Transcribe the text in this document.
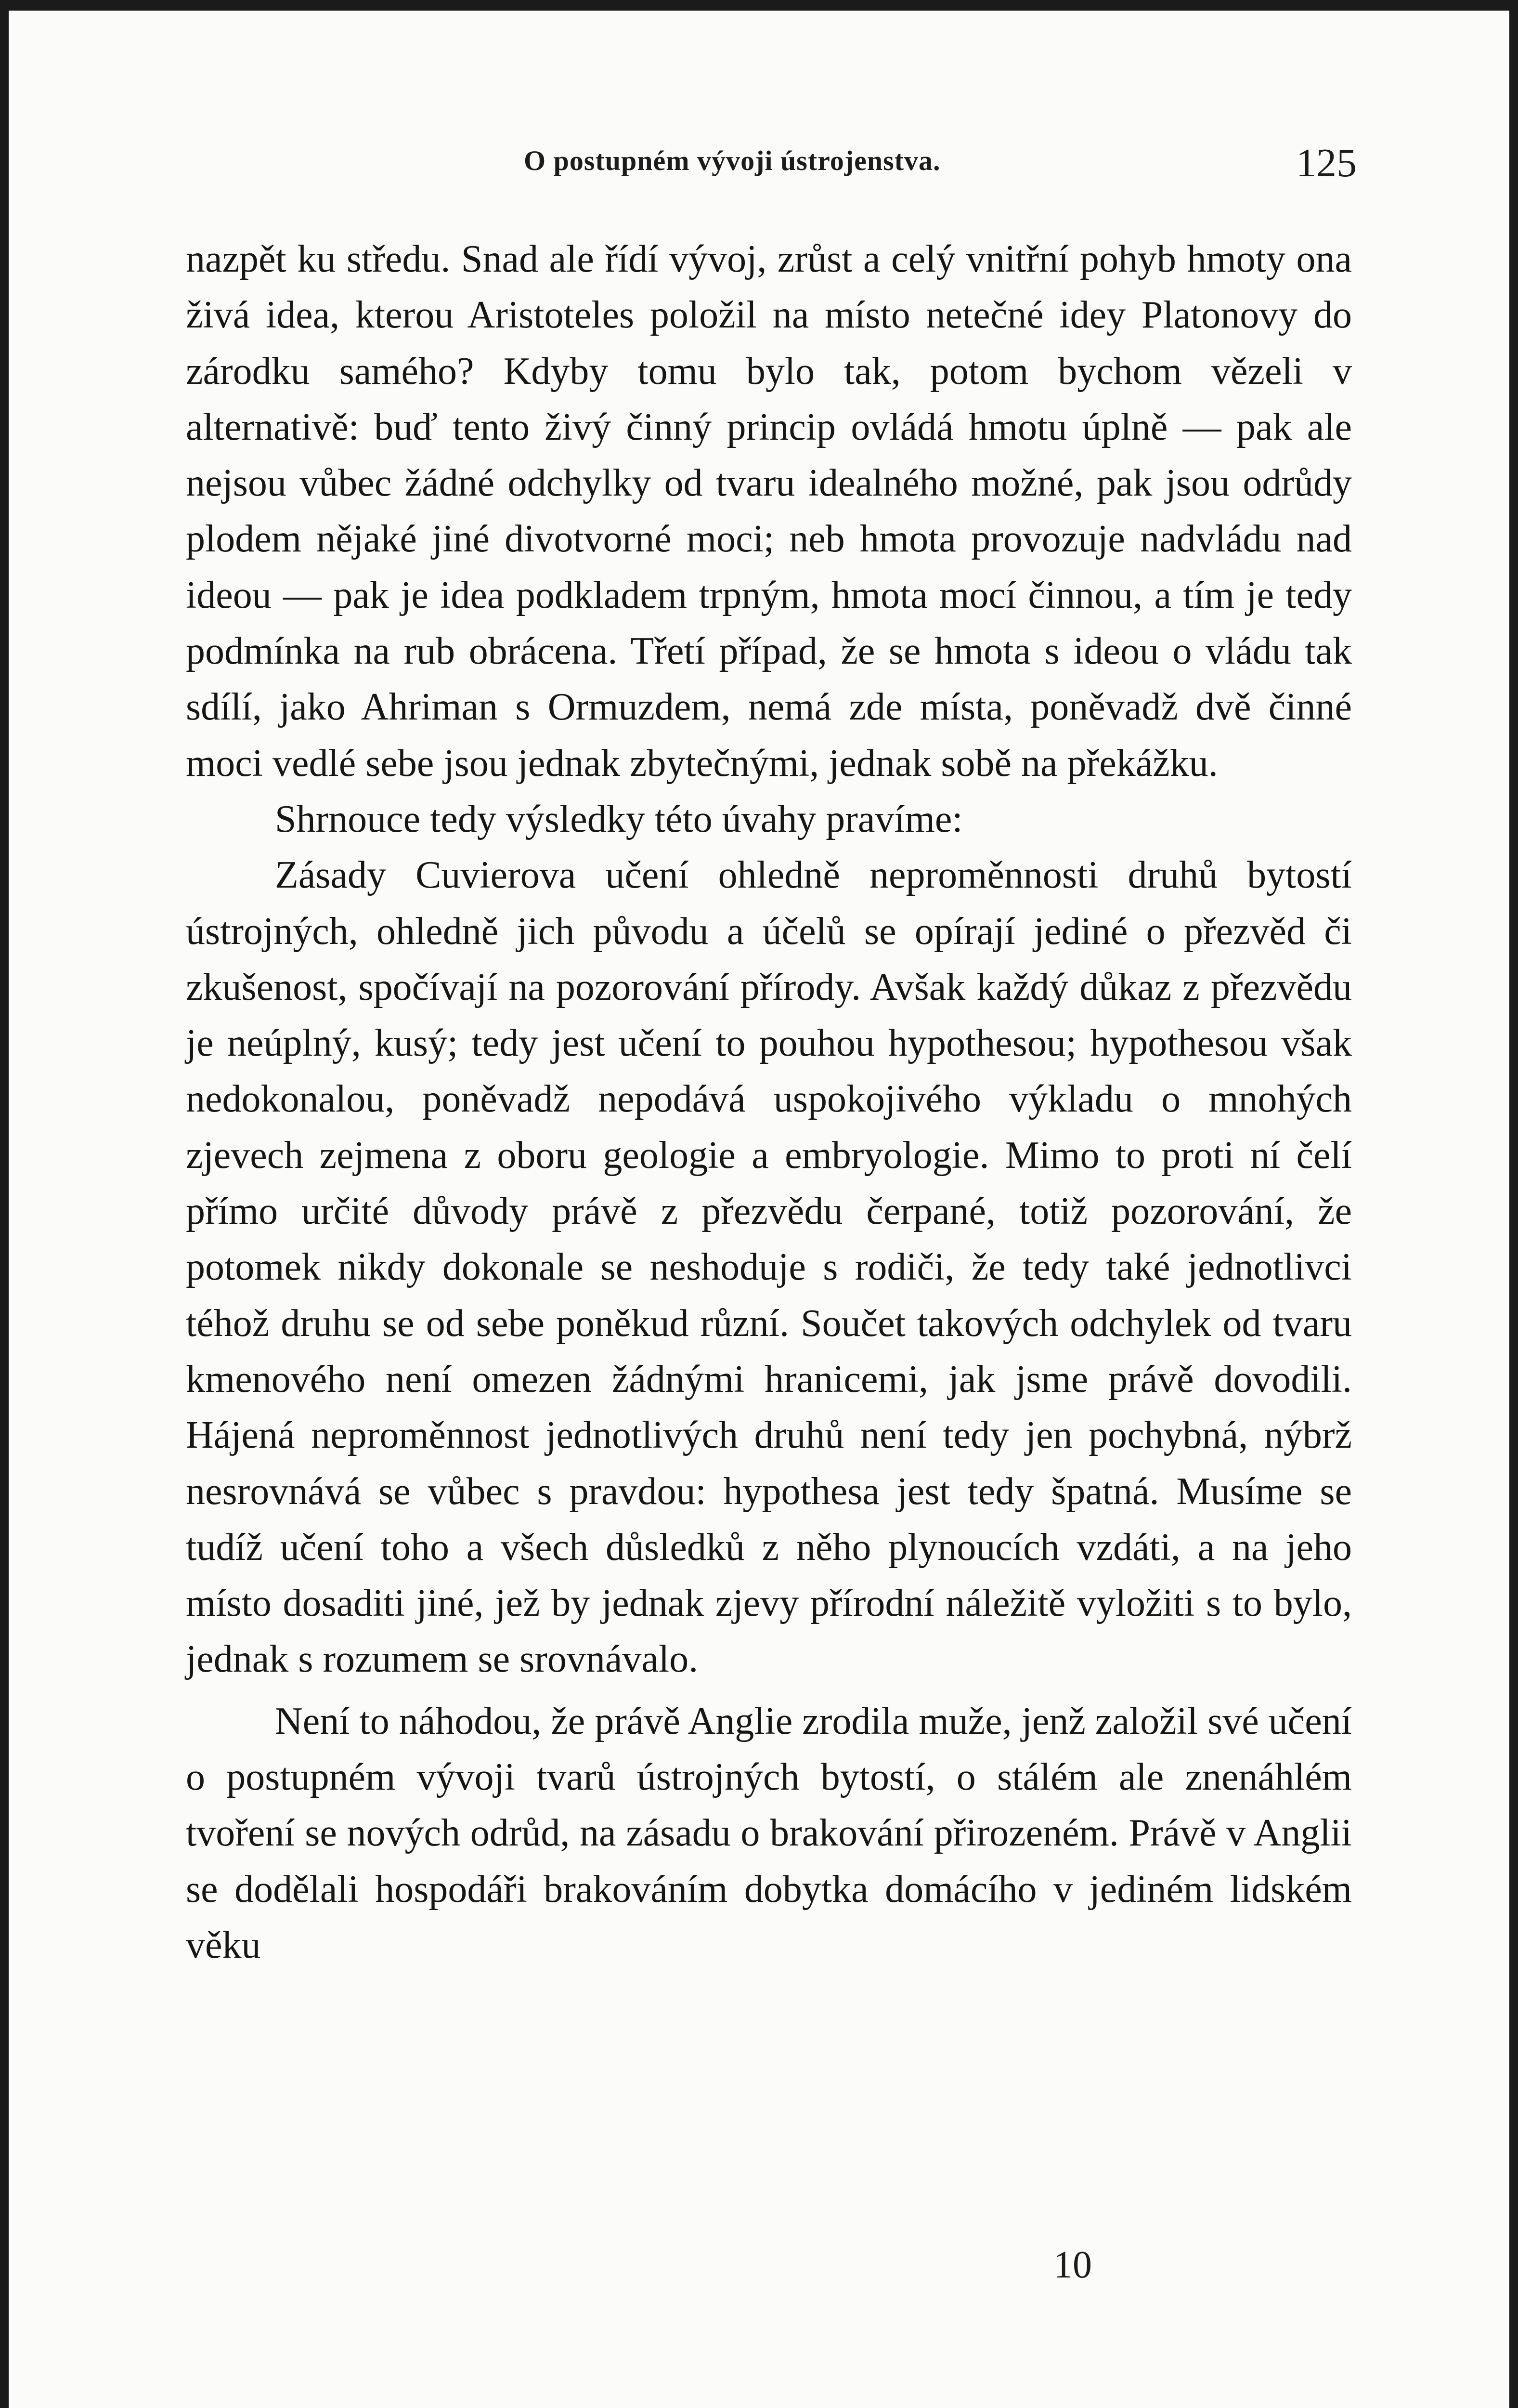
O postupném vývoji ústrojenstva.	125

nazpět ku středu. Snad ale řídí vývoj, zrůst a celý vnitřní pohyb hmoty ona živá idea, kterou Aristoteles položil na místo netečné idey Platonovy do zárodku samého? Kdyby tomu bylo tak, potom bychom vězeli v alternativě: buď tento živý činný princip ovládá hmotu úplně — pak ale nejsou vůbec žádné odchylky od tvaru idealného možné, pak jsou odrůdy plodem nějaké jiné divotvorné moci; neb hmota provozuje nadvládu nad ideou — pak je idea podkladem trpným, hmota mocí činnou, a tím je tedy podmínka na rub obrácena. Třetí případ, že se hmota s ideou o vládu tak sdílí, jako Ahriman s Ormuzdem, nemá zde místa, poněvadž dvě činné moci vedlé sebe jsou jednak zbytečnými, jednak sobě na překážku.

Shrnouce tedy výsledky této úvahy pravíme:

Zásady Cuvierova učení ohledně neproměnnosti druhů bytostí ústrojných, ohledně jich původu a účelů se opírají jediné o přezvěd či zkušenost, spočívají na pozorování přírody. Avšak každý důkaz z přezvědu je neúplný, kusý; tedy jest učení to pouhou hypothesou; hypothesou však nedokonalou, poněvadž nepodává uspokojivého výkladu o mnohých zjevech zejmena z oboru geologie a embryologie. Mimo to proti ní čelí přímo určité důvody právě z přezvědu čerpané, totiž pozorování, že potomek nikdy dokonale se neshoduje s rodiči, že tedy také jednotlivci téhož druhu se od sebe poněkud různí. Součet takových odchylek od tvaru kmenového není omezen žádnými hranicemi, jak jsme právě dovodili. Hájená neproměnnost jednotlivých druhů není tedy jen pochybná, nýbrž nesrovnává se vůbec s pravdou: hypothesa jest tedy špatná. Musíme se tudíž učení toho a všech důsledků z něho plynoucích vzdáti, a na jeho místo dosaditi jiné, jež by jednak zjevy přírodní náležitě vyložiti s to bylo, jednak s rozumem se srovnávalo.

Není to náhodou, že právě Anglie zrodila muže, jenž založil své učení o postupném vývoji tvarů ústrojných bytostí, o stálém ale znenáhlém tvoření se nových odrůd, na zásadu o brakování přirozeném. Právě v Anglii se dodělali hospodáři brakováním dobytka domácího v jediném lidském věku

10
